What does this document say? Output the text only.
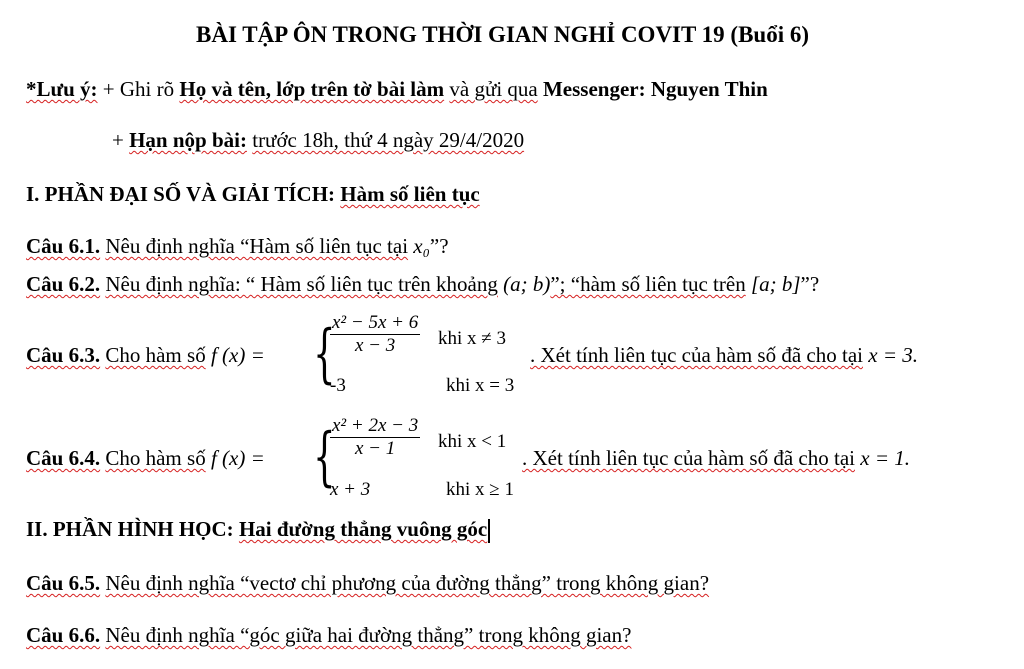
BÀI TẬP ÔN TRONG THỜI GIAN NGHỈ COVIT 19 (Buổi 6)
*Lưu ý: + Ghi rõ Họ và tên, lớp trên tờ bài làm và gửi qua Messenger: Nguyen Thin
+ Hạn nộp bài: trước 18h, thứ 4 ngày 29/4/2020
I. PHẦN ĐẠI SỐ VÀ GIẢI TÍCH: Hàm số liên tục
Câu 6.1. Nêu định nghĩa “Hàm số liên tục tại x₀”?
Câu 6.2. Nêu định nghĩa: “ Hàm số liên tục trên khoảng (a; b)”; “hàm số liên tục trên [a; b]”?
Câu 6.3. Cho hàm số f (x) = {
$\frac{\text{x² − 5x + 6}}{x - 3}$ khi x ≠ 3
-3	khi x = 3
. Xét tính liên tục của hàm số đã cho tại x = 3.
Câu 6.4. Cho hàm số f (x) = {
$\frac{\text{x² + 2x − 3}}{x - 1}$ khi x < 1
x + 3	khi x ≥ 1
. Xét tính liên tục của hàm số đã cho tại x = 1.
II. PHẦN HÌNH HỌC: Hai đường thẳng vuông góc
Câu 6.5. Nêu định nghĩa “vectơ chỉ phương của đường thẳng” trong không gian?
Câu 6.6. Nêu định nghĩa “góc giữa hai đường thẳng” trong không gian?
